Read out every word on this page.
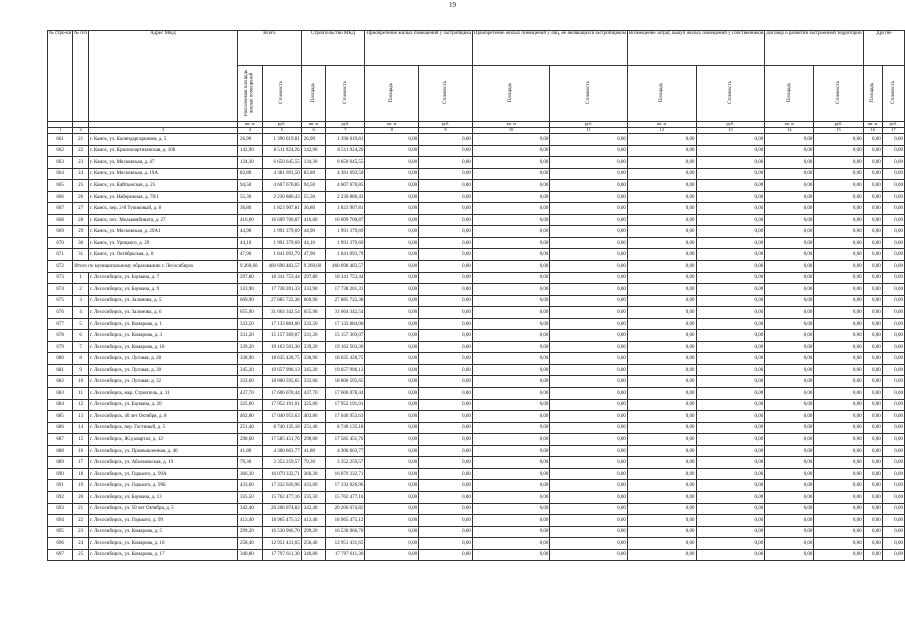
19
№ стро-ки	№ п/п	Адрес МКД	Всего		Строительство МКД		Приобретение жилых помещений у застройщика		Приобретение жилых помещений у лиц, не являющихся застройщиком		Возмещение затрат, выкуп жилых помещений у собственников		Договор о развитии застроенной территории		Другие	
			Расселяемая площадь жилых помещений	Стоимость	Площадь	Стоимость	Площадь	Стоимость	Площадь	Стоимость	Площадь	Стоимость	Площадь	Стоимость	Площадь	Стоимость
			кв. м	руб.	кв. м	руб.	кв. м	руб.	кв. м	руб.	кв. м	руб.	кв. м	руб.	кв. м	руб.
1	2	3	4	5	6	7	8	9	10	11	12	13	14	15	16	17
661	21	г. Канск, ул. Калиндаргаршиим, д. 5	26,90	1 390 619,81	26,90	1 390 619,81	0,00	0,00	0,00	0,00	0,00	0,00	0,00	0,00	0,00	0,00
662	22	г. Канск, ул. Краснопартизанская, д. 106	142,90	8 511 924,26	142,90	8 511 924,26	0,00	0,00	0,00	0,00	0,00	0,00	0,00	0,00	0,00	0,00
663	23	г. Канск, ул. Московская, д. 47	134,30	6 650 645,55	134,30	6 650 645,55	0,00	0,00	0,00	0,00	0,00	0,00	0,00	0,00	0,00	0,00
664	24	г. Канск, ул. Московская, д. 19А	82,80	4 381 693,50	82,80	4 381 693,50	0,00	0,00	0,00	0,00	0,00	0,00	0,00	0,00	0,00	0,00
665	25	г. Канск, ул. Кайтымская, д. 25	94,50	4 607 670,85	94,50	4 607 670,85	0,00	0,00	0,00	0,00	0,00	0,00	0,00	0,00	0,00	0,00
666	26	г. Канск, ул. Набережная, д. 78/1	55,30	2 230 886,43	55,30	2 230 886,43	0,00	0,00	0,00	0,00	0,00	0,00	0,00	0,00	0,00	0,00
667	27	г. Канск, пер. 2-й Тупиковый, д. 8	36,80	1 823 907,81	36,80	1 823 907,81	0,00	0,00	0,00	0,00	0,00	0,00	0,00	0,00	0,00	0,00
668	28	г. Канск, пос. Мелькомбината, д. 27	416,60	16 609 700,87	416,60	16 609 700,87	0,00	0,00	0,00	0,00	0,00	0,00	0,00	0,00	0,00	0,00
669	29	г. Канск, ул. Московская, д. 29А1	44,90	1 991 379,69	44,90	1 991 379,69	0,00	0,00	0,00	0,00	0,00	0,00	0,00	0,00	0,00	0,00
670	30	г. Канск, ул. Урицкого, д. 29	44,10	1 991 379,69	44,10	1 991 379,69	0,00	0,00	0,00	0,00	0,00	0,00	0,00	0,00	0,00	0,00
671	31	г. Канск, ул. Октябрьская, д. 8	47,90	1 841 093,79	47,90	1 841 093,79	0,00	0,00	0,00	0,00	0,00	0,00	0,00	0,00	0,00	0,00
672	Итого по муниципальному образованию г. Лесосибирск		9 269,60	460 698 483,57	9 269,60	460 698 483,57	0,00	0,00	0,00	0,00	0,00	0,00	0,00	0,00	0,00	0,00
673	1	г. Лесосибирск, ул. Бауманa, д. 7	297,80	18 341 753,44	297,80	18 341 753,44	0,00	0,00	0,00	0,00	0,00	0,00	0,00	0,00	0,00	0,00
674	2	г. Лесосибирск, ул. Бауманa, д. 9	333,90	17 738 201,33	333,90	17 738 201,33	0,00	0,00	0,00	0,00	0,00	0,00	0,00	0,00	0,00	0,00
675	3	г. Лесосибирск, ул. Заломова, д. 5	669,90	27 885 722,38	669,90	27 885 722,38	0,00	0,00	0,00	0,00	0,00	0,00	0,00	0,00	0,00	0,00
676	4	г. Лесосибирск, ул. Заломова, д. 6	655,90	31 664 342,54	655,90	31 664 342,54	0,00	0,00	0,00	0,00	0,00	0,00	0,00	0,00	0,00	0,00
677	5	г. Лесосибирск, ул. Комарова, д. 1	333,50	17 133 884,00	333,50	17 133 884,00	0,00	0,00	0,00	0,00	0,00	0,00	0,00	0,00	0,00	0,00
678	6	г. Лесосибирск, ул. Комарова, д. 3	331,20	15 157 369,07	331,20	15 157 369,07	0,00	0,00	0,00	0,00	0,00	0,00	0,00	0,00	0,00	0,00
679	7	г. Лесосибирск, ул. Комарова, д. 18	339,20	19 163 503,30	339,20	19 163 503,30	0,00	0,00	0,00	0,00	0,00	0,00	0,00	0,00	0,00	0,00
680	8	г. Лесосибирск, ул. Луговая, д. 28	338,90	18 635 428,75	338,90	18 635 428,75	0,00	0,00	0,00	0,00	0,00	0,00	0,00	0,00	0,00	0,00
681	9	г. Лесосибирск, ул. Луговая, д. 30	345,20	19 657 996,13	345,20	19 657 996,13	0,00	0,00	0,00	0,00	0,00	0,00	0,00	0,00	0,00	0,00
682	10	г. Лесосибирск, ул. Луговая, д. 32	333,60	18 800 595,65	333,60	18 800 595,65	0,00	0,00	0,00	0,00	0,00	0,00	0,00	0,00	0,00	0,00
683	11	г. Лесосибирск, мкр. Строитель, д. 11	437,70	17 606 078,44	437,70	17 606 078,44	0,00	0,00	0,00	0,00	0,00	0,00	0,00	0,00	0,00	0,00
684	12	г. Лесосибирск, ул. Бауманa, д. 20	325,00	17 952 191,01	325,00	17 952 191,01	0,00	0,00	0,00	0,00	0,00	0,00	0,00	0,00	0,00	0,00
685	13	г. Лесосибирск, 40 лет Октября, д. 8	402,80	17 040 953,63	402,80	17 040 953,63	0,00	0,00	0,00	0,00	0,00	0,00	0,00	0,00	0,00	0,00
686	14	г. Лесосибирск, пер. Гостиный, д. 5	251,40	8 740 135,18	251,40	8 740 135,18	0,00	0,00	0,00	0,00	0,00	0,00	0,00	0,00	0,00	0,00
687	15	г. Лесосибирск, Ж/д квартал, д. 12	290,60	17 585 451,76	290,60	17 585 451,76	0,00	0,00	0,00	0,00	0,00	0,00	0,00	0,00	0,00	0,00
688	16	г. Лесосибирск, ул. Промышленная, д. 40	41,80	4 300 663,77	41,80	4 300 663,77	0,00	0,00	0,00	0,00	0,00	0,00	0,00	0,00	0,00	0,00
689	17	г. Лесосибирск, ул. Абалаковская, д. 19	79,30	3 352 259,57	79,30	3 352 259,57	0,00	0,00	0,00	0,00	0,00	0,00	0,00	0,00	0,00	0,00
690	18	г. Лесосибирск, ул. Горького, д. 99А	366,30	16 079 332,71	366,30	16 079 332,71	0,00	0,00	0,00	0,00	0,00	0,00	0,00	0,00	0,00	0,00
691	19	г. Лесосибирск, ул. Горького, д. 99Б	433,00	17 332 026,96	433,00	17 332 026,96	0,00	0,00	0,00	0,00	0,00	0,00	0,00	0,00	0,00	0,00
692	20	г. Лесосибирск, ул. Бауманa, д. 13	335,50	15 762 477,16	335,50	15 762 477,16	0,00	0,00	0,00	0,00	0,00	0,00	0,00	0,00	0,00	0,00
693	21	г. Лесосибирск, ул. 50 лет Октября, д. 5	342,40	20 206 074,82	342,40	20 206 074,82	0,00	0,00	0,00	0,00	0,00	0,00	0,00	0,00	0,00	0,00
694	22	г. Лесосибирск, ул. Горького, д. 99	413,40	18 965 475,12	413,40	18 965 475,12	0,00	0,00	0,00	0,00	0,00	0,00	0,00	0,00	0,00	0,00
695	23	г. Лесосибирск, ул. Комарова, д. 5	299,20	16 530 966,70	299,20	16 530 966,70	0,00	0,00	0,00	0,00	0,00	0,00	0,00	0,00	0,00	0,00
696	24	г. Лесосибирск, ул. Комарова, д. 10	258,40	12 951 431,65	258,40	12 951 431,65	0,00	0,00	0,00	0,00	0,00	0,00	0,00	0,00	0,00	0,00
697	25	г. Лесосибирск, ул. Комарова, д. 17	340,80	17 797 611,30	340,80	17 797 611,30	0,00	0,00	0,00	0,00	0,00	0,00	0,00	0,00	0,00	0,00
